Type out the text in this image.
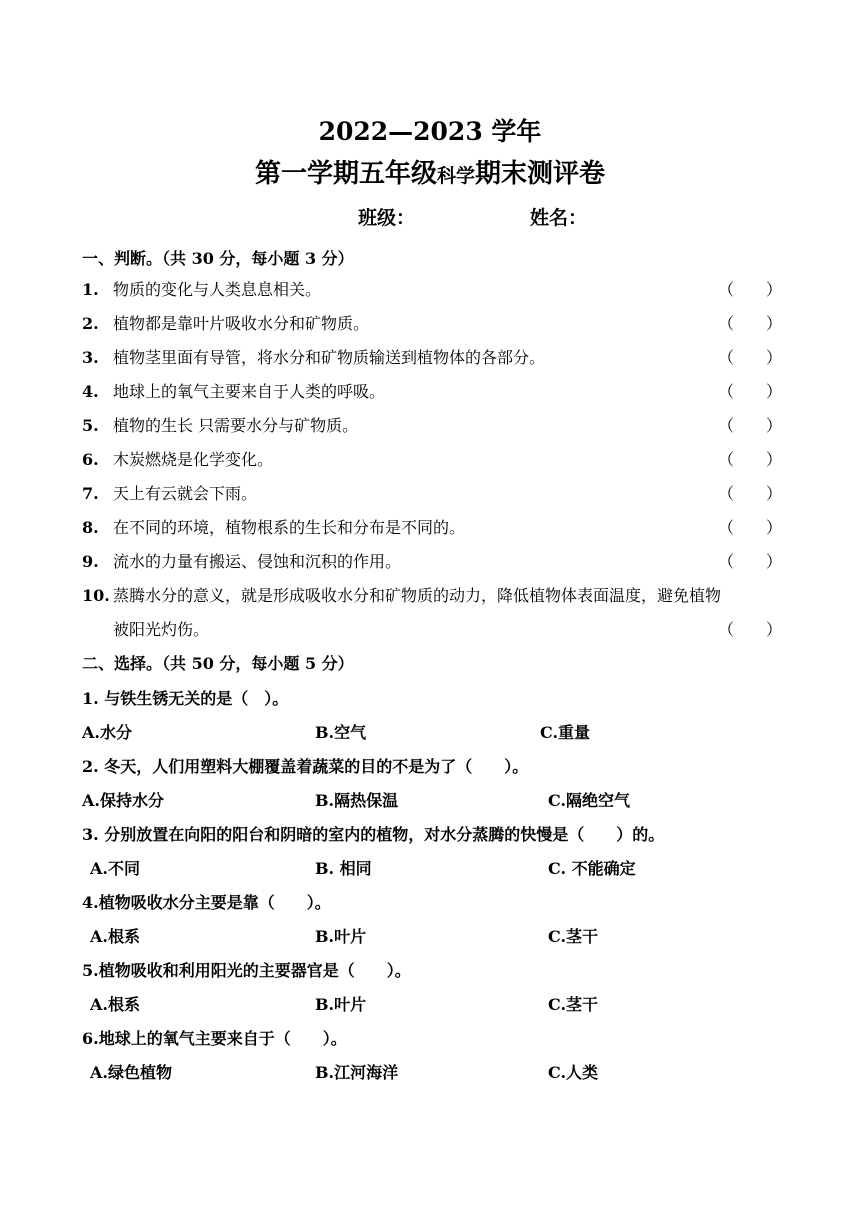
2022—2023 学年
第一学期五年级科学期末测评卷
班级：	姓名：
一、判断。（共 30 分，每小题 3 分）
1. 物质的变化与人类息息相关。	（　　）
2. 植物都是靠叶片吸收水分和矿物质。	（　　）
3. 植物茎里面有导管，将水分和矿物质输送到植物体的各部分。	（　　）
4. 地球上的氧气主要来自于人类的呼吸。	（　　）
5. 植物的生长 只需要水分与矿物质。	（　　）
6. 木炭燃烧是化学变化。	（　　）
7. 天上有云就会下雨。	（　　）
8. 在不同的环境，植物根系的生长和分布是不同的。	（　　）
9. 流水的力量有搬运、侵蚀和沉积的作用。	（　　）
10. 蒸腾水分的意义，就是形成吸收水分和矿物质的动力，降低植物体表面温度，避免植物
被阳光灼伤。	（　　）
二、选择。（共 50 分，每小题 5 分）
1. 与铁生锈无关的是（　）。
A.水分	B.空气	C.重量
2. 冬天，人们用塑料大棚覆盖着蔬菜的目的不是为了（　　）。
A.保持水分	B.隔热保温	C.隔绝空气
3. 分别放置在向阳的阳台和阴暗的室内的植物，对水分蒸腾的快慢是（　　）的。
A.不同	B. 相同	C. 不能确定
4.植物吸收水分主要是靠（　　）。
A.根系	B.叶片	C.茎干
5.植物吸收和利用阳光的主要器官是（　　）。
A.根系	B.叶片	C.茎干
6.地球上的氧气主要来自于（　　）。
A.绿色植物	B.江河海洋	C.人类
